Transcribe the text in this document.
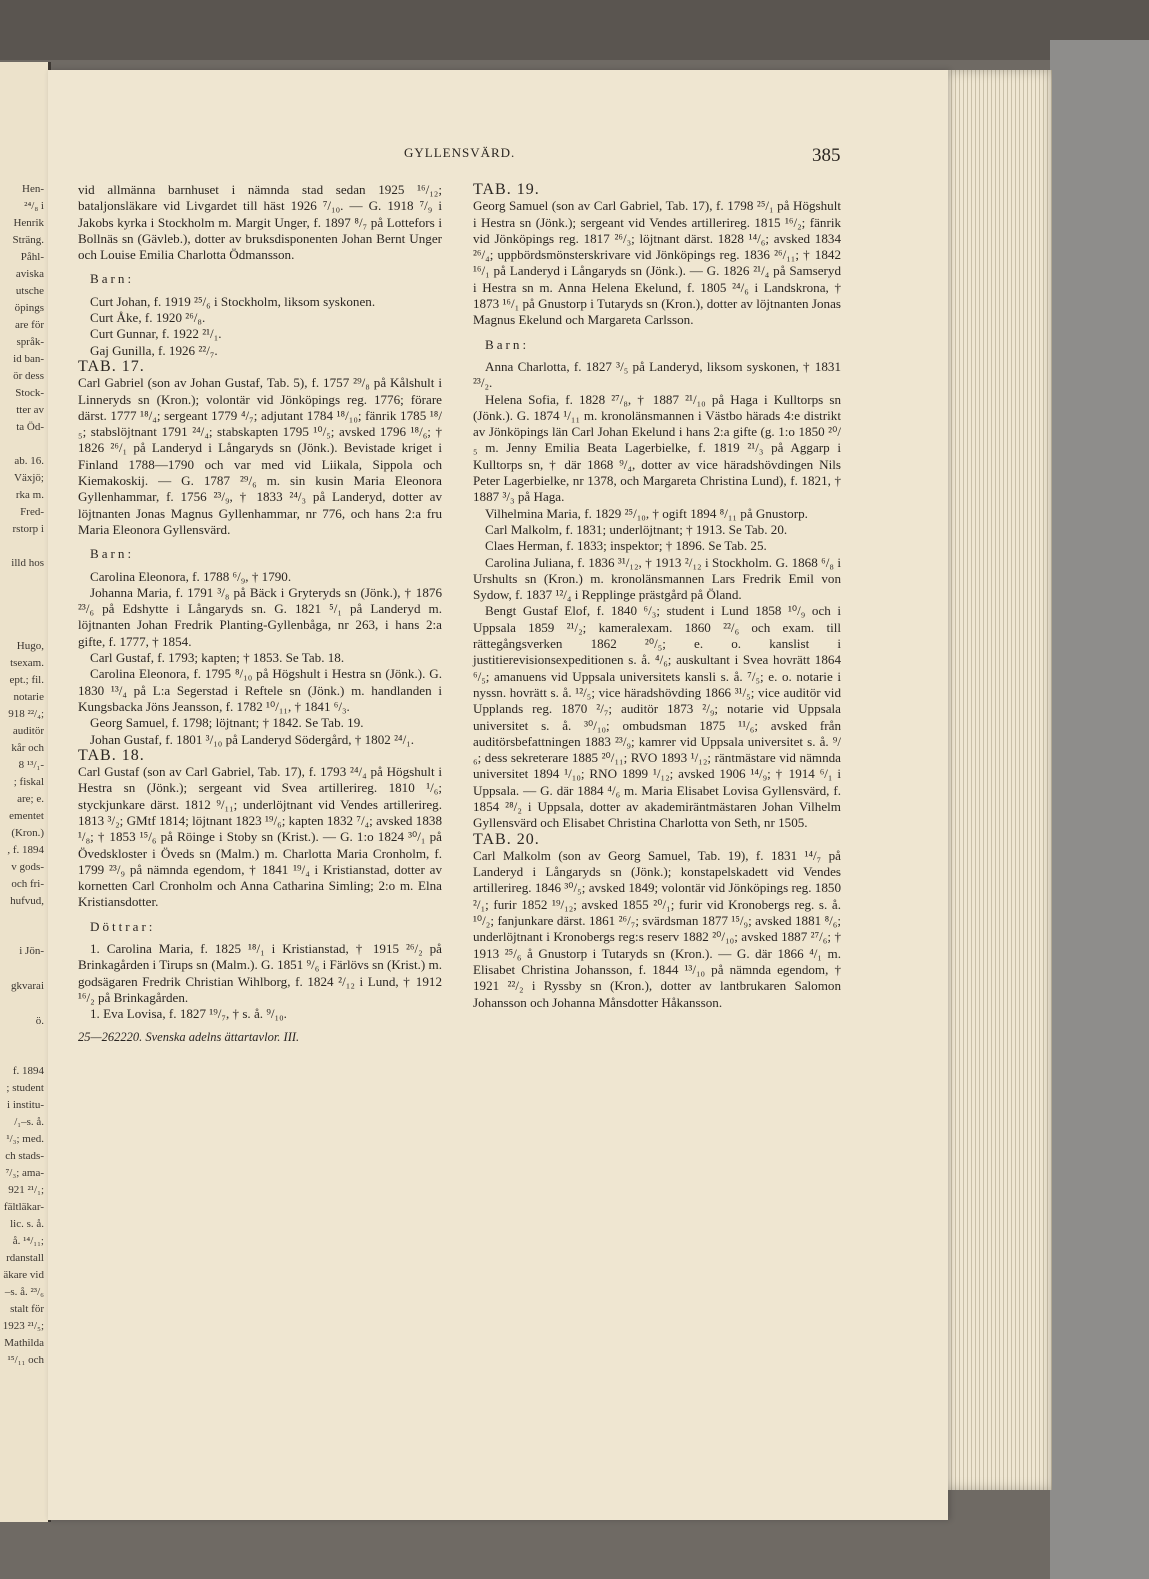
Hen-
²⁴/₈ i
Henrik
Sträng.
Påhl-
aviska
utsche
öpings
are för
språk-
id ban-
ör dess
Stock-
tter av
ta Öd-
ab. 16.
Växjö;
rka m.
Fred-
rstorp i
illd hos
Hugo,
tsexam.
ept.; fil.
notarie
918 ²²/₄;
auditör
kår och
8 ¹³/₁-
; fiskal
are; e.
ementet
(Kron.)
, f. 1894
v gods-
och fri-
hufvud,
i Jön-
gkvarai
ö.
f. 1894
; student
i institu-
/₁–s. å.
¹/₃; med.
ch stads-
⁷/₃; ama-
921 ²¹/₁;
fältläkar-
lic. s. å.
å. ¹⁴/₁₁;
rdanstall
äkare vid
–s. å. ²³/₆
stalt för
1923 ²¹/₅;
Mathilda
¹⁵/₁₁ och
GYLLENSVÄRD.	385

vid allmänna barnhuset i nämnda stad sedan 1925 ¹⁶/₁₂; bataljonsläkare vid Livgardet till häst 1926 ⁷/₁₀. — G. 1918 ⁷/₉ i Jakobs kyrka i Stockholm m. Margit Unger, f. 1897 ⁸/₇ på Lottefors i Bollnäs sn (Gävleb.), dotter av bruksdisponenten Johan Bernt Unger och Louise Emilia Charlotta Ödmansson.

Barn:

Curt Johan, f. 1919 ²⁵/₆ i Stockholm, liksom syskonen.

Curt Åke, f. 1920 ²⁶/₈.

Curt Gunnar, f. 1922 ²¹/₁.

Gaj Gunilla, f. 1926 ²²/₇.

TAB. 17.

Carl Gabriel (son av Johan Gustaf, Tab. 5), f. 1757 ²⁹/₈ på Kålshult i Linneryds sn (Kron.); volontär vid Jönköpings reg. 1776; förare därst. 1777 ¹⁸/₄; sergeant 1779 ⁴/₇; adjutant 1784 ¹⁸/₁₀; fänrik 1785 ¹⁸/₅; stabslöjtnant 1791 ²⁴/₄; stabskapten 1795 ¹⁰/₅; avsked 1796 ¹⁸/₆; † 1826 ²⁶/₁ på Landeryd i Långaryds sn (Jönk.). Bevistade kriget i Finland 1788—1790 och var med vid Liikala, Sippola och Kiemakoskij. — G. 1787 ²⁹/₆ m. sin kusin Maria Eleonora Gyllenhammar, f. 1756 ²³/₉, † 1833 ²⁴/₃ på Landeryd, dotter av löjtnanten Jonas Magnus Gyllenhammar, nr 776, och hans 2:a fru Maria Eleonora Gyllensvärd.

Barn:

Carolina Eleonora, f. 1788 ⁶/₉, † 1790.

Johanna Maria, f. 1791 ³/₈ på Bäck i Gryteryds sn (Jönk.), † 1876 ²³/₆ på Edshytte i Långaryds sn. G. 1821 ⁵/₁ på Landeryd m. löjtnanten Johan Fredrik Planting-Gyllenbåga, nr 263, i hans 2:a gifte, f. 1777, † 1854.

Carl Gustaf, f. 1793; kapten; † 1853. Se Tab. 18.

Carolina Eleonora, f. 1795 ⁸/₁₀ på Högshult i Hestra sn (Jönk.). G. 1830 ¹³/₄ på L:a Segerstad i Reftele sn (Jönk.) m. handlanden i Kungsbacka Jöns Jeansson, f. 1782 ¹⁰/₁₁, † 1841 ⁶/₃.

Georg Samuel, f. 1798; löjtnant; † 1842. Se Tab. 19.

Johan Gustaf, f. 1801 ³/₁₀ på Landeryd Södergård, † 1802 ²⁴/₁.

TAB. 18.

Carl Gustaf (son av Carl Gabriel, Tab. 17), f. 1793 ²⁴/₄ på Högshult i Hestra sn (Jönk.); sergeant vid Svea artillerireg. 1810 ¹/₆; styckjunkare därst. 1812 ⁹/₁₁; underlöjtnant vid Vendes artillerireg. 1813 ³/₂; GMtf 1814; löjtnant 1823 ¹⁹/₆; kapten 1832 ⁷/₄; avsked 1838 ¹/₈; † 1853 ¹⁵/₆ på Röinge i Stoby sn (Krist.). — G. 1:o 1824 ³⁰/₁ på Övedskloster i Öveds sn (Malm.) m. Charlotta Maria Cronholm, f. 1799 ²³/₉ på nämnda egendom, † 1841 ¹⁹/₄ i Kristianstad, dotter av kornetten Carl Cronholm och Anna Catharina Simling; 2:o m. Elna Kristiansdotter.

Döttrar:

1. Carolina Maria, f. 1825 ¹⁸/₁ i Kristianstad, † 1915 ²⁶/₂ på Brinkagården i Tirups sn (Malm.). G. 1851 ⁹/₆ i Färlövs sn (Krist.) m. godsägaren Fredrik Christian Wihlborg, f. 1824 ²/₁₂ i Lund, † 1912 ¹⁶/₂ på Brinkagården.

1. Eva Lovisa, f. 1827 ¹⁹/₇, † s. å. ⁹/₁₀.

25—262220. Svenska adelns ättartavlor. III.

TAB. 19.

Georg Samuel (son av Carl Gabriel, Tab. 17), f. 1798 ²⁵/₁ på Högshult i Hestra sn (Jönk.); sergeant vid Vendes artillerireg. 1815 ¹⁶/₂; fänrik vid Jönköpings reg. 1817 ²⁶/₃; löjtnant därst. 1828 ¹⁴/₆; avsked 1834 ²⁶/₄; uppbördsmönsterskrivare vid Jönköpings reg. 1836 ²⁶/₁₁; † 1842 ¹⁶/₁ på Landeryd i Långaryds sn (Jönk.). — G. 1826 ²¹/₄ på Samseryd i Hestra sn m. Anna Helena Ekelund, f. 1805 ²⁴/₆ i Landskrona, † 1873 ¹⁶/₁ på Gnustorp i Tutaryds sn (Kron.), dotter av löjtnanten Jonas Magnus Ekelund och Margareta Carlsson.

Barn:

Anna Charlotta, f. 1827 ³/₅ på Landeryd, liksom syskonen, † 1831 ²³/₂.

Helena Sofia, f. 1828 ²⁷/₈, † 1887 ²¹/₁₀ på Haga i Kulltorps sn (Jönk.). G. 1874 ¹/₁₁ m. kronolänsmannen i Västbo härads 4:e distrikt av Jönköpings län Carl Johan Ekelund i hans 2:a gifte (g. 1:o 1850 ²⁰/₅ m. Jenny Emilia Beata Lagerbielke, f. 1819 ²¹/₃ på Aggarp i Kulltorps sn, † där 1868 ⁹/₄, dotter av vice häradshövdingen Nils Peter Lagerbielke, nr 1378, och Margareta Christina Lund), f. 1821, † 1887 ³/₃ på Haga.

Vilhelmina Maria, f. 1829 ²⁵/₁₀, † ogift 1894 ⁸/₁₁ på Gnustorp.

Carl Malkolm, f. 1831; underlöjtnant; † 1913. Se Tab. 20.

Claes Herman, f. 1833; inspektor; † 1896. Se Tab. 25.

Carolina Juliana, f. 1836 ³¹/₁₂, † 1913 ²/₁₂ i Stockholm. G. 1868 ⁶/₈ i Urshults sn (Kron.) m. kronolänsmannen Lars Fredrik Emil von Sydow, f. 1837 ¹²/₄ i Repplinge prästgård på Öland.

Bengt Gustaf Elof, f. 1840 ⁶/₃; student i Lund 1858 ¹⁰/₉ och i Uppsala 1859 ²¹/₂; kameralexam. 1860 ²²/₆ och exam. till rättegångsverken 1862 ²⁰/₅; e. o. kanslist i justitierevisionsexpeditionen s. å. ⁴/₆; auskultant i Svea hovrätt 1864 ⁶/₅; amanuens vid Uppsala universitets kansli s. å. ⁷/₅; e. o. notarie i nyssn. hovrätt s. å. ¹²/₅; vice häradshövding 1866 ³¹/₅; vice auditör vid Upplands reg. 1870 ²/₇; auditör 1873 ²/₉; notarie vid Uppsala universitet s. å. ³⁰/₁₀; ombudsman 1875 ¹¹/₆; avsked från auditörsbefattningen 1883 ²³/₉; kamrer vid Uppsala universitet s. å. ⁹/₆; dess sekreterare 1885 ²⁰/₁₁; RVO 1893 ¹/₁₂; räntmästare vid nämnda universitet 1894 ¹/₁₀; RNO 1899 ¹/₁₂; avsked 1906 ¹⁴/₉; † 1914 ⁶/₁ i Uppsala. — G. där 1884 ⁴/₆ m. Maria Elisabet Lovisa Gyllensvärd, f. 1854 ²⁸/₂ i Uppsala, dotter av akademiräntmästaren Johan Vilhelm Gyllensvärd och Elisabet Christina Charlotta von Seth, nr 1505.

TAB. 20.

Carl Malkolm (son av Georg Samuel, Tab. 19), f. 1831 ¹⁴/₇ på Landeryd i Långaryds sn (Jönk.); konstapelskadett vid Vendes artillerireg. 1846 ³⁰/₅; avsked 1849; volontär vid Jönköpings reg. 1850 ²/₁; furir 1852 ¹⁹/₁₂; avsked 1855 ²⁰/₁; furir vid Kronobergs reg. s. å. ¹⁰/₂; fanjunkare därst. 1861 ²⁶/₇; svärdsman 1877 ¹⁵/₉; avsked 1881 ⁸/₆; underlöjtnant i Kronobergs reg:s reserv 1882 ²⁰/₁₀; avsked 1887 ²⁷/₆; † 1913 ²⁵/₆ å Gnustorp i Tutaryds sn (Kron.). — G. där 1866 ⁴/₁ m. Elisabet Christina Johansson, f. 1844 ¹³/₁₀ på nämnda egendom, † 1921 ²²/₂ i Ryssby sn (Kron.), dotter av lantbrukaren Salomon Johansson och Johanna Månsdotter Håkansson.
